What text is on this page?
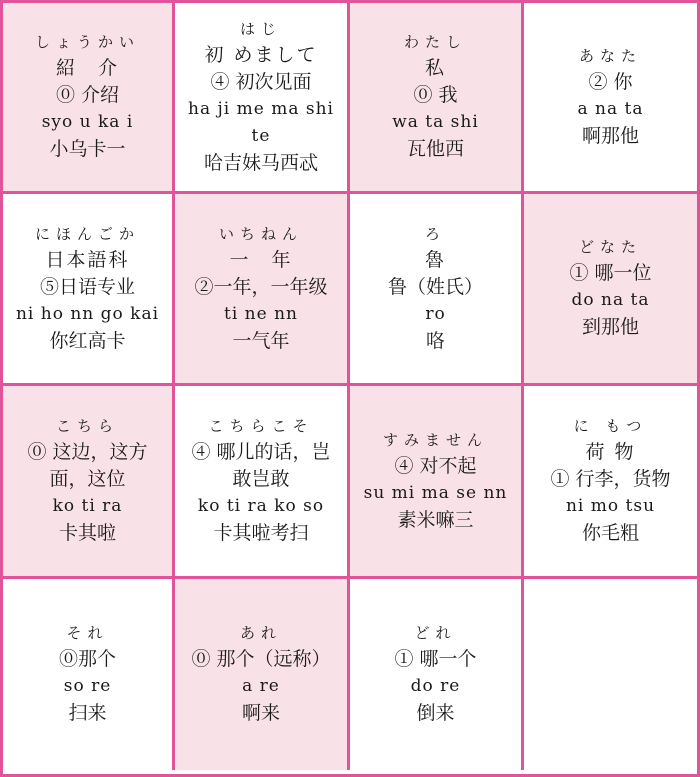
しょうかい
紹　介
⓪ 介绍
syo u ka i
小乌卡一
はじ
初 めまして
④ 初次见面
ha ji me ma shi
te
哈吉妹马西忒
わたし
私
⓪ 我
wa ta shi
瓦他西
あなた
② 你
a na ta
啊那他
にほんごか
日本語科
⑤日语专业
ni ho nn go kai
你红高卡
いちねん
一　年
②一年，一年级
ti ne nn
一气年
ろ
魯
鲁（姓氏）
ro
咯
どなた
① 哪一位
do na ta
到那他
こちら
⓪ 这边，这方
面，这位
ko ti ra
卡其啦
こちらこそ
④ 哪儿的话，岂
敢岂敢
ko ti ra ko so
卡其啦考扫
すみません
④ 对不起
su mi ma se nn
素米嘛三
に もつ
荷 物
① 行李，货物
ni mo tsu
你毛粗
それ
⓪那个
so re
扫来
あれ
⓪ 那个（远称）
a re
啊来
どれ
① 哪一个
do re
倒来
